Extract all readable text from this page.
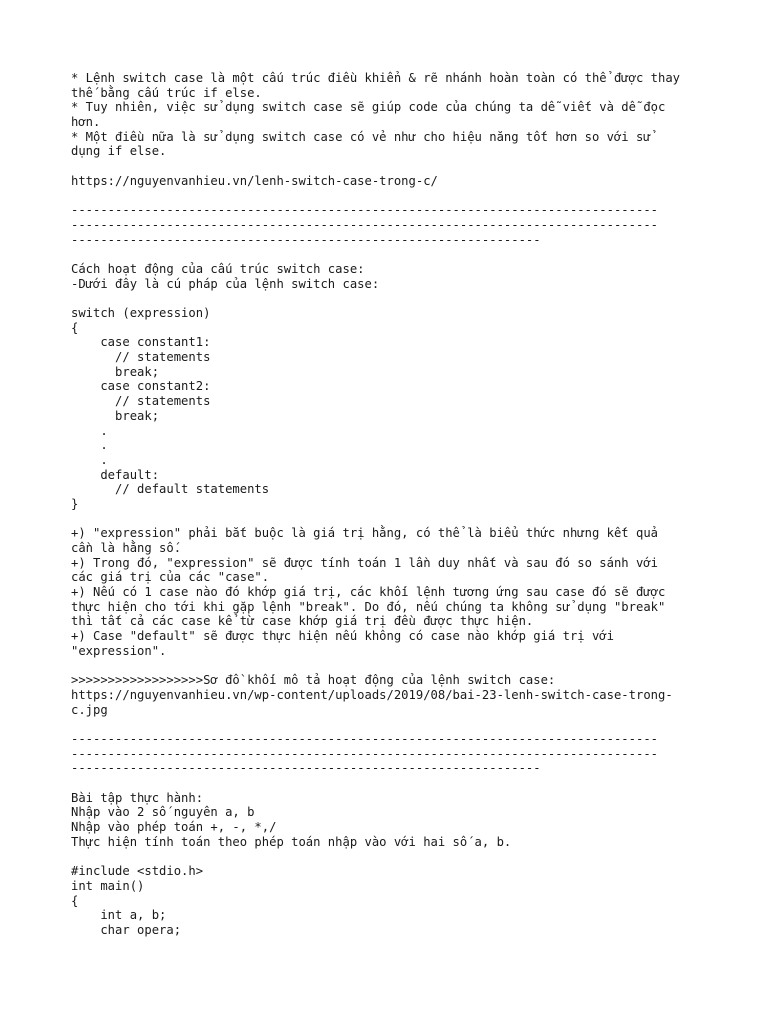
* Lệnh switch case là một cấu trúc điều khiển & rẽ nhánh hoàn toàn có thể được thay
thế bằng cấu trúc if else.
* Tuy nhiên, việc sử dụng switch case sẽ giúp code của chúng ta dễ viết và dễ đọc
hơn.
* Một điều nữa là sử dụng switch case có vẻ như cho hiệu năng tốt hơn so với sử
dụng if else.
https://nguyenvanhieu.vn/lenh-switch-case-trong-c/
--------------------------------------------------------------------------------
--------------------------------------------------------------------------------
----------------------------------------------------------------
Cách hoạt động của cấu trúc switch case:
-Dưới đây là cú pháp của lệnh switch case:
switch (expression)
{
case constant1:
// statements
break;
case constant2:
// statements
break;
.
.
.
default:
// default statements
}
+) "expression" phải bắt buộc là giá trị hằng, có thể là biểu thức nhưng kết quả
cần là hằng số.
+) Trong đó, "expression" sẽ được tính toán 1 lần duy nhất và sau đó so sánh với
các giá trị của các "case".
+) Nếu có 1 case nào đó khớp giá trị, các khối lệnh tương ứng sau case đó sẽ được
thực hiện cho tới khi gặp lệnh "break". Do đó, nếu chúng ta không sử dụng "break"
thì tất cả các case kể từ case khớp giá trị đều được thực hiện.
+) Case "default" sẽ được thực hiện nếu không có case nào khớp giá trị với
"expression".
>>>>>>>>>>>>>>>>>>Sơ đồ khối mô tả hoạt động của lệnh switch case:
https://nguyenvanhieu.vn/wp-content/uploads/2019/08/bai-23-lenh-switch-case-trong-
c.jpg
--------------------------------------------------------------------------------
--------------------------------------------------------------------------------
----------------------------------------------------------------
Bài tập thực hành:
Nhập vào 2 số nguyên a, b
Nhập vào phép toán +, -, *,/
Thực hiện tính toán theo phép toán nhập vào với hai số a, b.
#include <stdio.h>
int main()
{
int a, b;
char opera;
